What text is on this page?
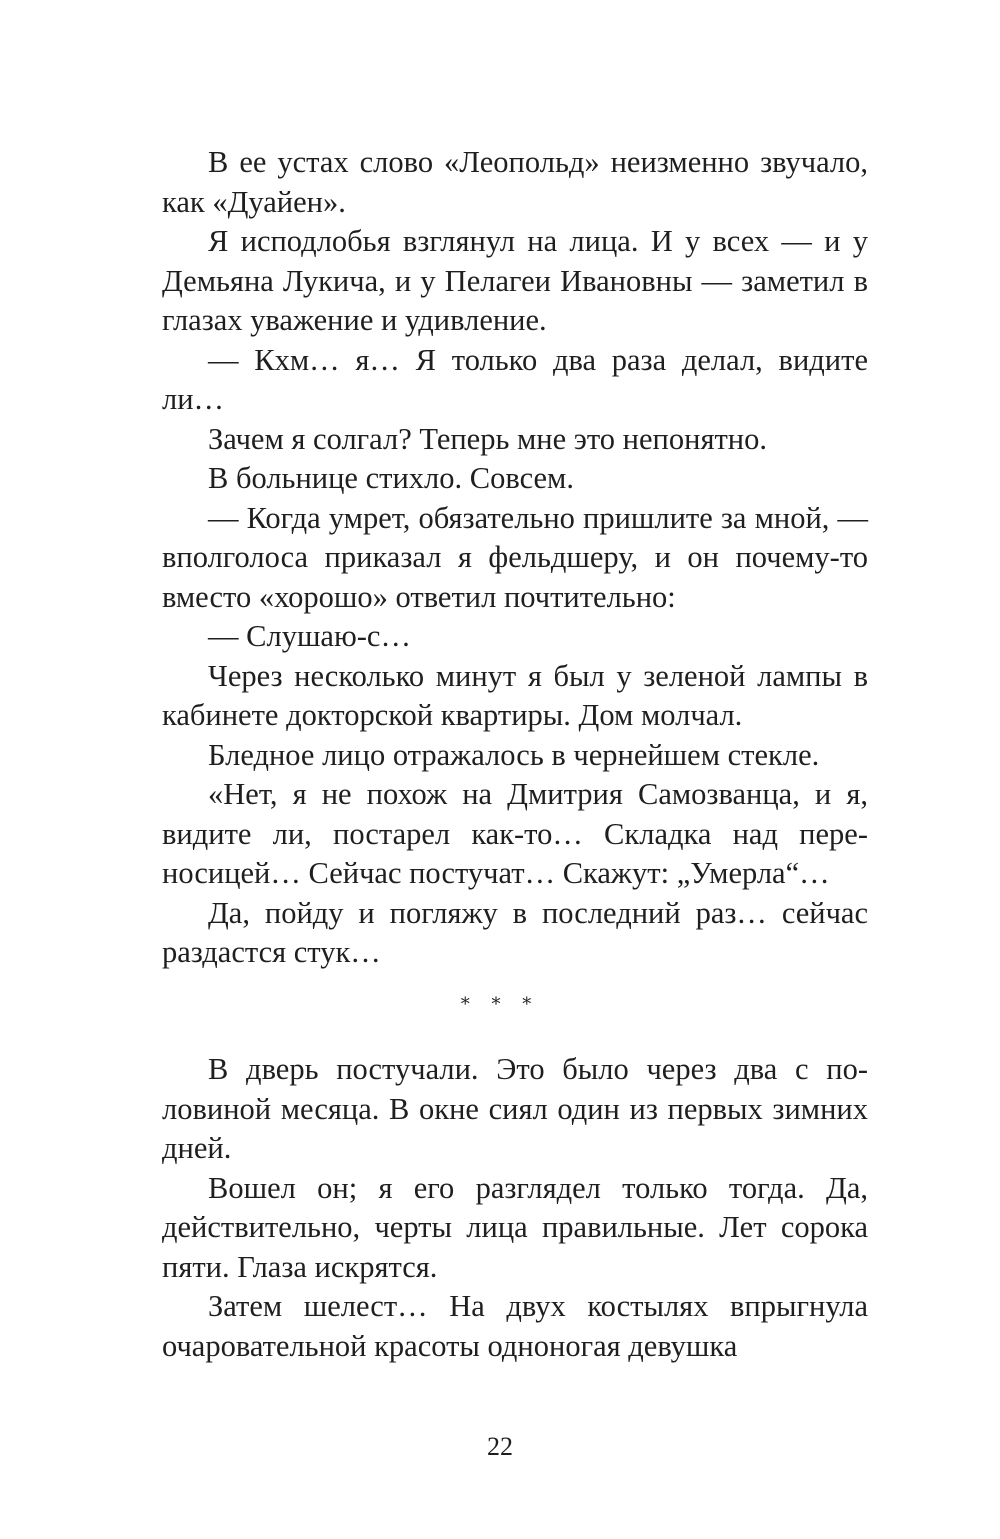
В ее устах слово «Леопольд» неизменно звучало, как «Дуайен».

Я исподлобья взглянул на лица. И у всех — и у Демьяна Лукича, и у Пелагеи Ивановны — заметил в глазах уважение и удивление.

— Кхм… я… Я только два раза делал, видите ли…

Зачем я солгал? Теперь мне это непонятно.

В больнице стихло. Совсем.

— Когда умрет, обязательно пришлите за мной, — вполголоса приказал я фельдшеру, и он почему-то вместо «хорошо» ответил почтительно:

— Слушаю-с…

Через несколько минут я был у зеленой лампы в кабинете докторской квартиры. Дом молчал.

Бледное лицо отражалось в чернейшем стекле.

«Нет, я не похож на Дмитрия Самозванца, и я, видите ли, постарел как-то… Складка над переносицей… Сейчас постучат… Скажут: „Умерла“…

Да, пойду и погляжу в последний раз… сейчас раздастся стук…

* * *

В дверь постучали. Это было через два с половиной месяца. В окне сиял один из первых зимних дней.

Вошел он; я его разглядел только тогда. Да, действительно, черты лица правильные. Лет сорока пяти. Глаза искрятся.

Затем шелест… На двух костылях впрыгнула очаровательной красоты одноногая девушка

22
